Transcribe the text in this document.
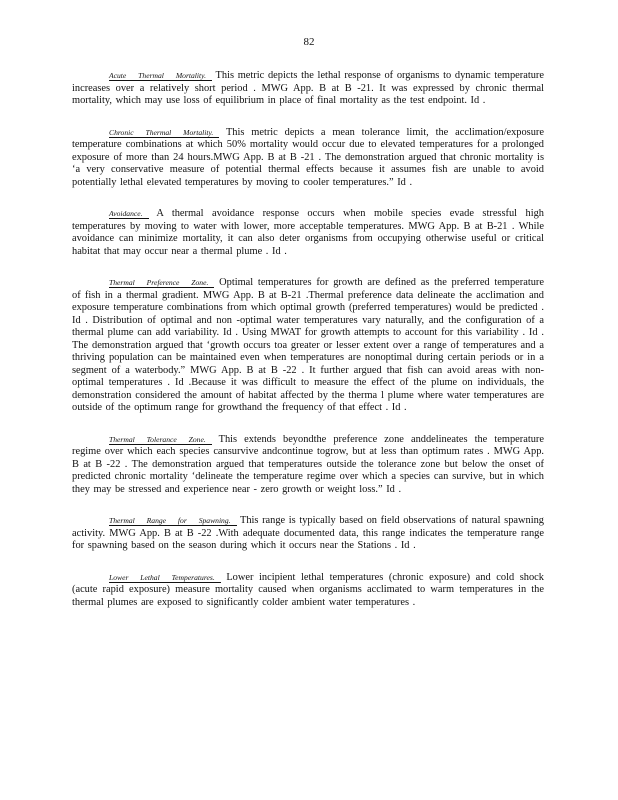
82

Acute Thermal Mortality. This metric depicts the lethal response of organisms to dynamic temperature increases over a relatively short period . MWG App. B at B -21. It was expressed by chronic thermal mortality, which may use loss of equilibrium in place of final mortality as the test endpoint. Id .

Chronic Thermal Mortality. This metric depicts a mean tolerance limit, the acclimation/exposure temperature combinations at which 50% mortality would occur due to elevated temperatures for a prolonged exposure of more than 24 hours.MWG App. B at B -21 . The demonstration argued that chronic mortality is ‘a very conservative measure of potential thermal effects because it assumes fish are unable to avoid potentially lethal elevated temperatures by moving to cooler temperatures.” Id .

Avoidance. A thermal avoidance response occurs when mobile species evade stressful high temperatures by moving to water with lower, more acceptable temperatures. MWG App. B at B-21 . While avoidance can minimize mortality, it can also deter organisms from occupying otherwise useful or critical habitat that may occur near a thermal plume . Id .

Thermal Preference Zone. Optimal temperatures for growth are defined as the preferred temperature of fish in a thermal gradient. MWG App. B at B-21 .Thermal preference data delineate the acclimation and exposure temperature combinations from which optimal growth (preferred temperatures) would be predicted . Id . Distribution of optimal and non -optimal water temperatures vary naturally, and the configuration of a thermal plume can add variability. Id . Using MWAT for growth attempts to account for this variability . Id . The demonstration argued that ‘growth occurs toa greater or lesser extent over a range of temperatures and a thriving population can be maintained even when temperatures are nonoptimal during certain periods or in a segment of a waterbody.” MWG App. B at B -22 . It further argued that fish can avoid areas with non- optimal temperatures . Id .Because it was difficult to measure the effect of the plume on individuals, the demonstration considered the amount of habitat affected by the therma l plume where water temperatures are outside of the optimum range for growthand the frequency of that effect . Id .

Thermal Tolerance Zone. This extends beyondthe preference zone anddelineates the temperature regime over which each species cansurvive andcontinue togrow, but at less than optimum rates . MWG App. B at B -22 . The demonstration argued that temperatures outside the tolerance zone but below the onset of predicted chronic mortality ‘delineate the temperature regime over which a species can survive, but in which they may be stressed and experience near - zero growth or weight loss.” Id .

Thermal Range for Spawning. This range is typically based on field observations of natural spawning activity. MWG App. B at B -22 .With adequate documented data, this range indicates the temperature range for spawning based on the season during which it occurs near the Stations . Id .

Lower Lethal Temperatures. Lower incipient lethal temperatures (chronic exposure) and cold shock (acute rapid exposure) measure mortality caused when organisms acclimated to warm temperatures in the thermal plumes are exposed to significantly colder ambient water temperatures .
